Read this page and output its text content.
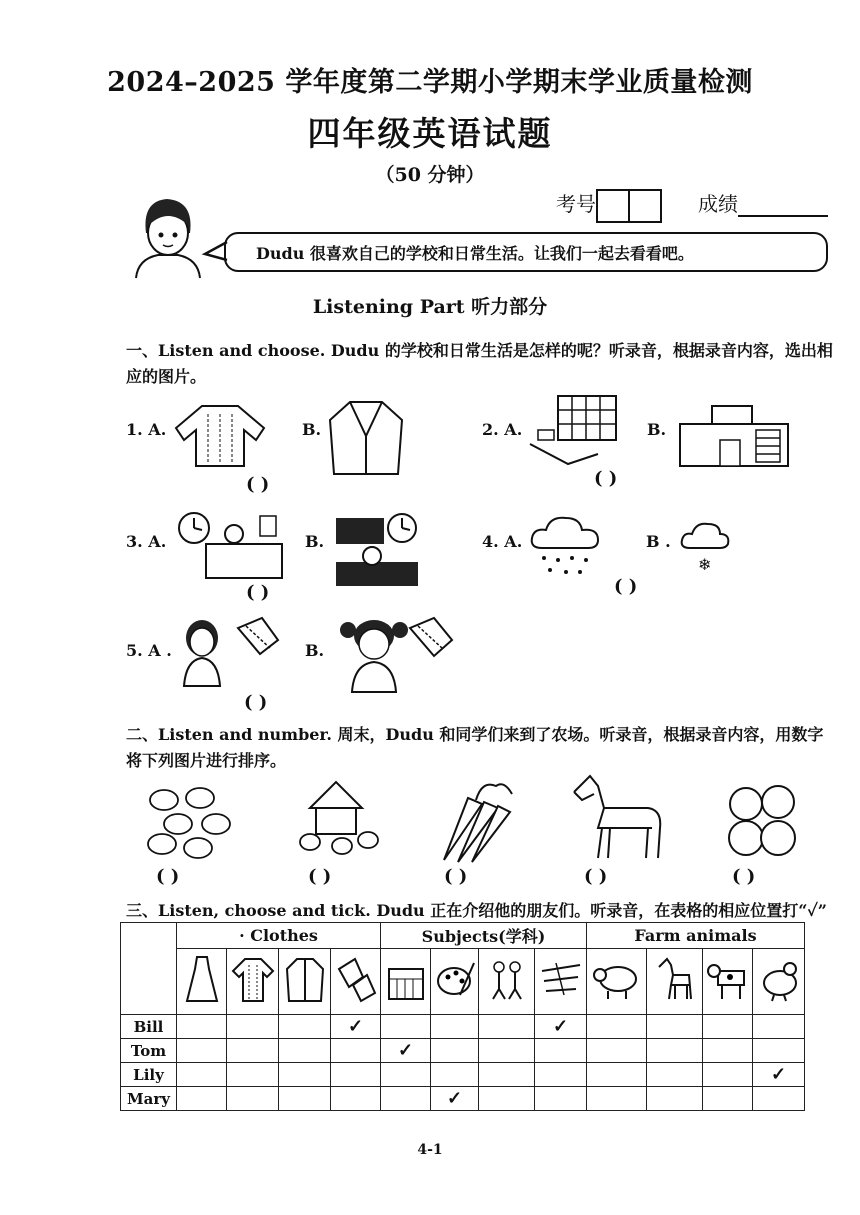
2024–2025 学年度第二学期小学期末学业质量检测
四年级英语试题
（50 分钟）
考号	成绩
Dudu 很喜欢自己的学校和日常生活。让我们一起去看看吧。
Listening Part 听力部分
一、Listen and choose. Dudu 的学校和日常生活是怎样的呢？听录音，根据录音内容，选出相应的图片。
1. A.	B.
( )
2. A.	B.
( )
3. A.	B.
( )
4. A.	B .
❄
( )
5. A .	B.
( )
二、Listen and number. 周末，Dudu 和同学们来到了农场。听录音，根据录音内容，用数字将下列图片进行排序。
( )	( )	( )	( )	( )
三、Listen, choose and tick. Dudu 正在介绍他的朋友们。听录音，在表格的相应位置打“✓”
	· Clothes				Subjects(学科)				Farm animals			

Bill				✓				✓				
Tom					✓							
Lily												✓
Mary						✓						
4-1
